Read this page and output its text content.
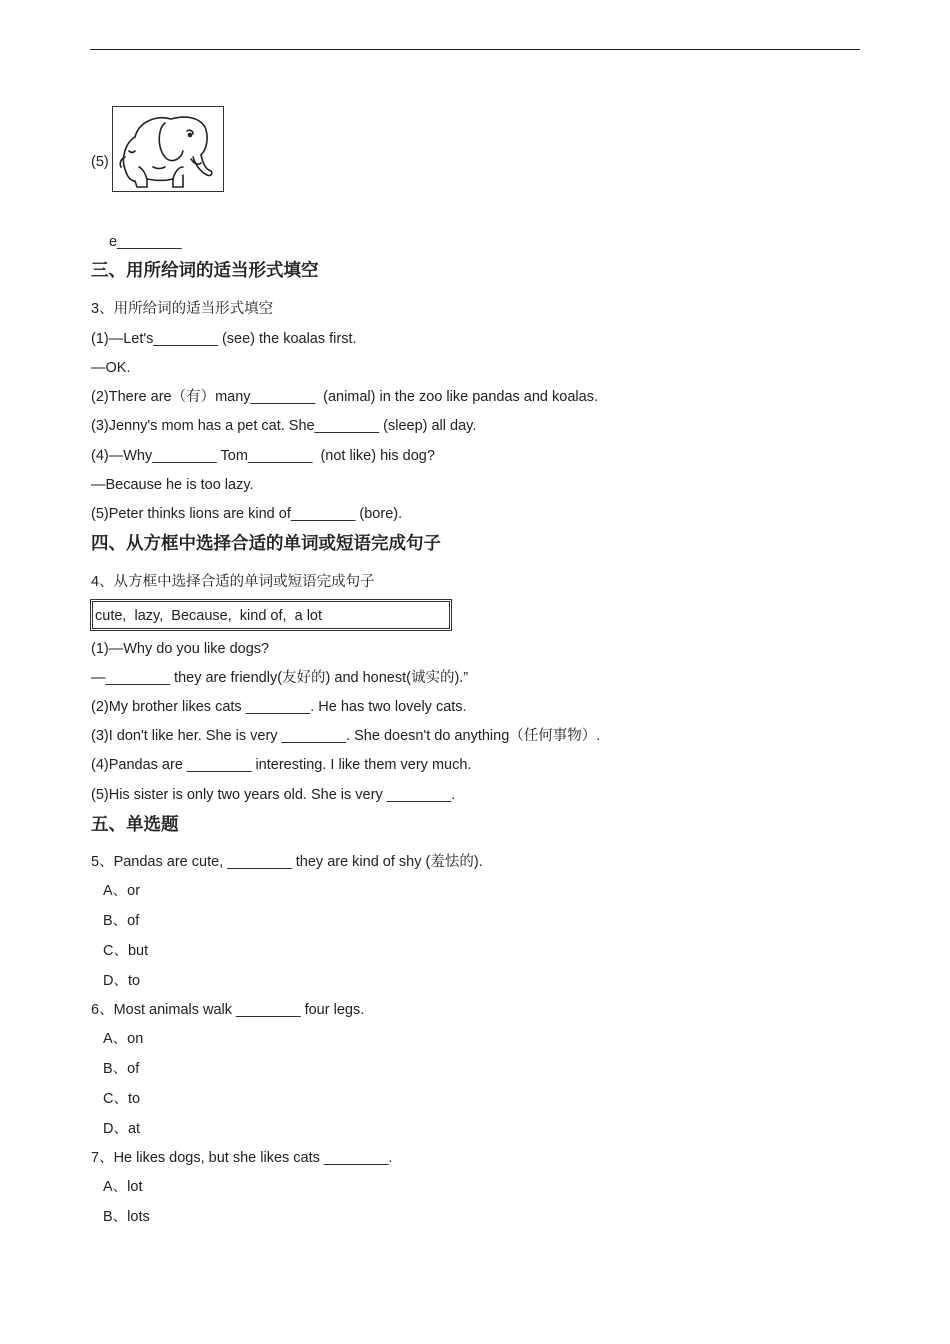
(5)
e________
三、用所给词的适当形式填空
3、用所给词的适当形式填空
(1)—Let's________ (see) the koalas first.
—OK.
(2)There are（有）many________  (animal) in the zoo like pandas and koalas.
(3)Jenny's mom has a pet cat. She________ (sleep) all day.
(4)—Why________ Tom________  (not like) his dog?
—Because he is too lazy.
(5)Peter thinks lions are kind of________ (bore).
四、从方框中选择合适的单词或短语完成句子
4、从方框中选择合适的单词或短语完成句子
cute,  lazy,  Because,  kind of,  a lot
(1)—Why do you like dogs?
—________ they are friendly(友好的) and honest(诚实的).”
(2)My brother likes cats ________. He has two lovely cats.
(3)I don't like her. She is very ________. She doesn't do anything（任何事物）.
(4)Pandas are ________ interesting. I like them very much.
(5)His sister is only two years old. She is very ________.
五、单选题
5、Pandas are cute, ________ they are kind of shy (羞怯的).
A、or
B、of
C、but
D、to
6、Most animals walk ________ four legs.
A、on
B、of
C、to
D、at
7、He likes dogs, but she likes cats ________.
A、lot
B、lots
